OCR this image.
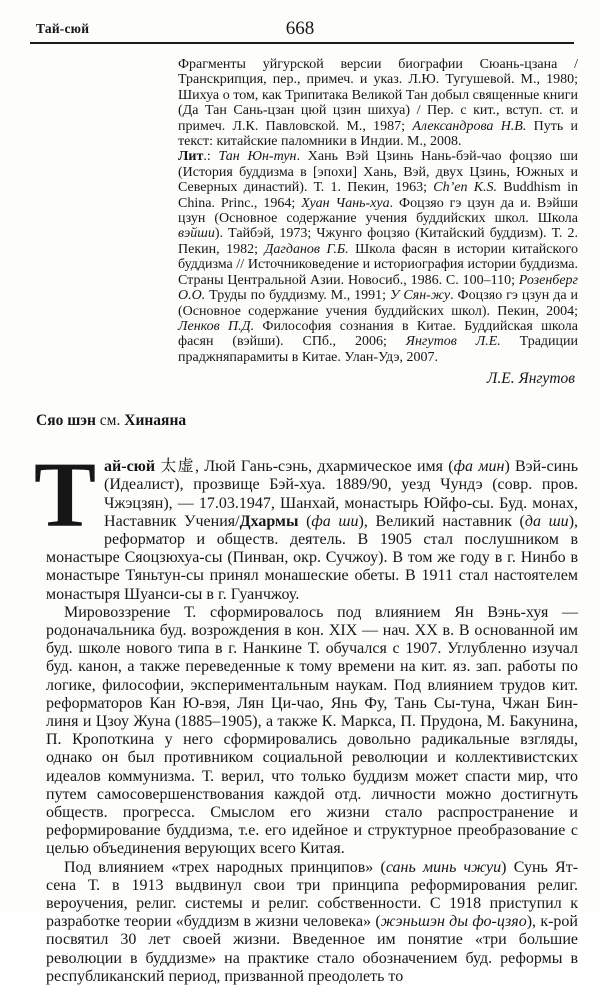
Тай-сюй	668

Фрагменты уйгурской версии биографии Сюань-цзана / Транскрипция, пер., примеч. и указ. Л.Ю. Тугушевой. М., 1980; Шихуа о том, как Трипитака Великой Тан добыл священные книги (Да Тан Сань-цзан цюй цзин шихуа) / Пер. с кит., вступ. ст. и примеч. Л.К. Павловской. М., 1987; Александрова Н.В. Путь и текст: китайские паломники в Индии. М., 2008.

Лит.: Тан Юн-тун. Хань Вэй Цзинь Нань-бэй-чао фоцзяо ши (История буддизма в [эпохи] Хань, Вэй, двух Цзинь, Южных и Северных династий). Т. 1. Пекин, 1963; Ch’en K.S. Buddhism in China. Princ., 1964; Хуан Чань-хуа. Фоцзяо гэ цзун да и. Вэйши цзун (Основное содержание учения буддийских школ. Школа вэйши). Тайбэй, 1973; Чжунго фоцзяо (Китайский буддизм). Т. 2. Пекин, 1982; Дагданов Г.Б. Школа фасян в истории китайского буддизма // Источниковедение и историография истории буддизма. Страны Центральной Азии. Новосиб., 1986. С. 100–110; Розенберг О.О. Труды по буддизму. М., 1991; У Сян-жу. Фоцзяо гэ цзун да и (Основное содержание учения буддийских школ). Пекин, 2004; Ленков П.Д. Философия сознания в Китае. Буддийская школа фасян (вэйши). СПб., 2006; Янгутов Л.Е. Традиции праджняпарамиты в Китае. Улан-Удэ, 2007.

Л.Е. Янгутов

Сяо шэн см. Хинаяна

Тай-сюй 太虚, Люй Гань-сэнь, дхармическое имя (фа мин) Вэй-синь (Идеалист), прозвище Бэй-хуа. 1889/90, уезд Чундэ (совр. пров. Чжэцзян), — 17.03.1947, Шанхай, монастырь Юйфо-сы. Буд. монах, Наставник Учения/Дхармы (фа ши), Великий наставник (да ши), реформатор и обществ. деятель. В 1905 стал послушником в монастыре Сяоцзюхуа-сы (Пинван, окр. Сучжоу). В том же году в г. Нинбо в монастыре Тяньтун-сы принял монашеские обеты. В 1911 стал настоятелем монастыря Шуанси-сы в г. Гуанчжоу.

Мировоззрение Т. сформировалось под влиянием Ян Вэнь-хуя — родоначальника буд. возрождения в кон. XIX — нач. XX в. В основанной им буд. школе нового типа в г. Нанкине Т. обучался с 1907. Углубленно изучал буд. канон, а также переведенные к тому времени на кит. яз. зап. работы по логике, философии, экспериментальным наукам. Под влиянием трудов кит. реформаторов Кан Ю-вэя, Лян Ци-чао, Янь Фу, Тань Сы-туна, Чжан Бин-линя и Цзоу Жуна (1885–1905), а также К. Маркса, П. Прудона, М. Бакунина, П. Кропоткина у него сформировались довольно радикальные взгляды, однако он был противником социальной революции и коллективистских идеалов коммунизма. Т. верил, что только буддизм может спасти мир, что путем самосовершенствования каждой отд. личности можно достигнуть обществ. прогресса. Смыслом его жизни стало распространение и реформирование буддизма, т.е. его идейное и структурное преобразование с целью объединения верующих всего Китая.

Под влиянием «трех народных принципов» (сань минь чжуи) Сунь Ят-сена Т. в 1913 выдвинул свои три принципа реформирования религ. вероучения, религ. системы и религ. собственности. С 1918 приступил к разработке теории «буддизм в жизни человека» (жэньшэн ды фо-цзяо), к-рой посвятил 30 лет своей жизни. Введенное им понятие «три большие революции в буддизме» на практике стало обозначением буд. реформы в республиканский период, призванной преодолеть то
